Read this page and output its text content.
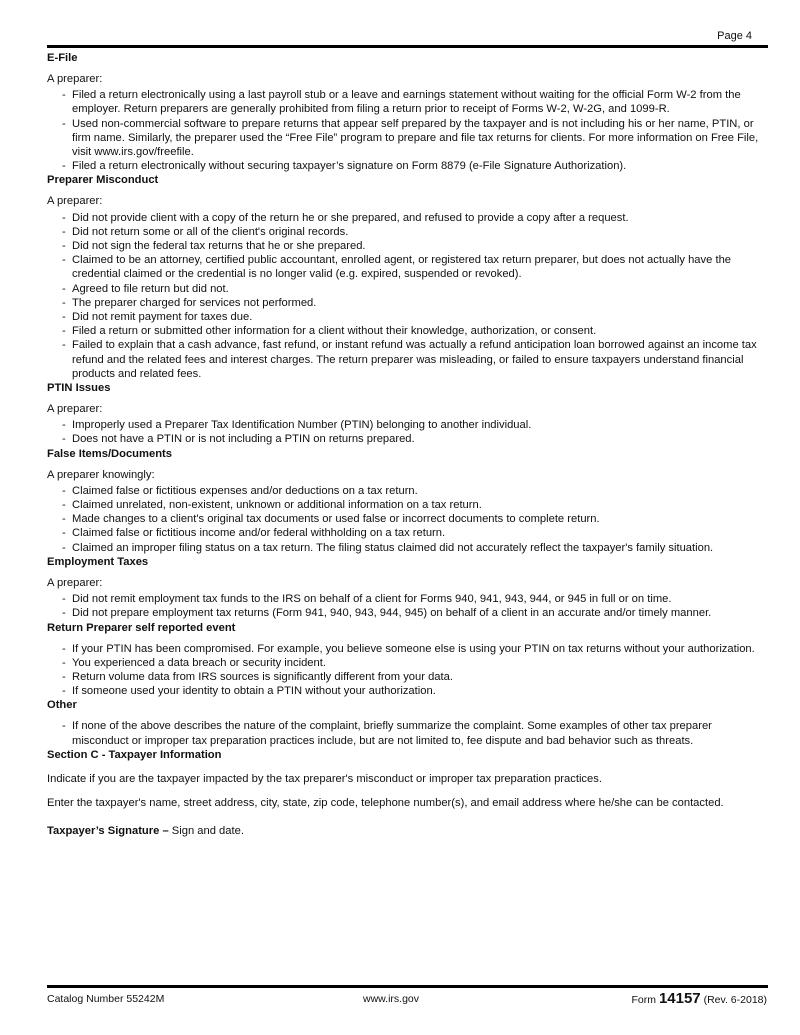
Page 4
E-File

A preparer:

- Filed a return electronically using a last payroll stub or a leave and earnings statement without waiting for the official Form W-2 from the employer. Return preparers are generally prohibited from filing a return prior to receipt of Forms W-2, W-2G, and 1099-R.
- Used non-commercial software to prepare returns that appear self prepared by the taxpayer and is not including his or her name, PTIN, or firm name. Similarly, the preparer used the “Free File” program to prepare and file tax returns for clients. For more information on Free File, visit www.irs.gov/freefile.
- Filed a return electronically without securing taxpayer’s signature on Form 8879 (e-File Signature Authorization).
Preparer Misconduct

A preparer:

- Did not provide client with a copy of the return he or she prepared, and refused to provide a copy after a request.
- Did not return some or all of the client's original records.
- Did not sign the federal tax returns that he or she prepared.
- Claimed to be an attorney, certified public accountant, enrolled agent, or registered tax return preparer, but does not actually have the credential claimed or the credential is no longer valid (e.g. expired, suspended or revoked).
- Agreed to file return but did not.
- The preparer charged for services not performed.
- Did not remit payment for taxes due.
- Filed a return or submitted other information for a client without their knowledge, authorization, or consent.
- Failed to explain that a cash advance, fast refund, or instant refund was actually a refund anticipation loan borrowed against an income tax refund and the related fees and interest charges. The return preparer was misleading, or failed to ensure taxpayers understand financial products and related fees.
PTIN Issues

A preparer:

- Improperly used a Preparer Tax Identification Number (PTIN) belonging to another individual.
- Does not have a PTIN or is not including a PTIN on returns prepared.
False Items/Documents

A preparer knowingly:

- Claimed false or fictitious expenses and/or deductions on a tax return.
- Claimed unrelated, non-existent, unknown or additional information on a tax return.
- Made changes to a client's original tax documents or used false or incorrect documents to complete return.
- Claimed false or fictitious income and/or federal withholding on a tax return.
- Claimed an improper filing status on a tax return. The filing status claimed did not accurately reflect the taxpayer's family situation.
Employment Taxes

A preparer:

- Did not remit employment tax funds to the IRS on behalf of a client for Forms 940, 941, 943, 944, or 945 in full or on time.
- Did not prepare employment tax returns (Form 941, 940, 943, 944, 945) on behalf of a client in an accurate and/or timely manner.
Return Preparer self reported event
- If your PTIN has been compromised. For example, you believe someone else is using your PTIN on tax returns without your authorization.
- You experienced a data breach or security incident.
- Return volume data from IRS sources is significantly different from your data.
- If someone used your identity to obtain a PTIN without your authorization.
Other
- If none of the above describes the nature of the complaint, briefly summarize the complaint. Some examples of other tax preparer misconduct or improper tax preparation practices include, but are not limited to, fee dispute and bad behavior such as threats.
Section C - Taxpayer Information

Indicate if you are the taxpayer impacted by the tax preparer's misconduct or improper tax preparation practices.

Enter the taxpayer's name, street address, city, state, zip code, telephone number(s), and email address where he/she can be contacted.

Taxpayer’s Signature – Sign and date.

Catalog Number 55242M	www.irs.gov	Form 14157 (Rev. 6-2018)
